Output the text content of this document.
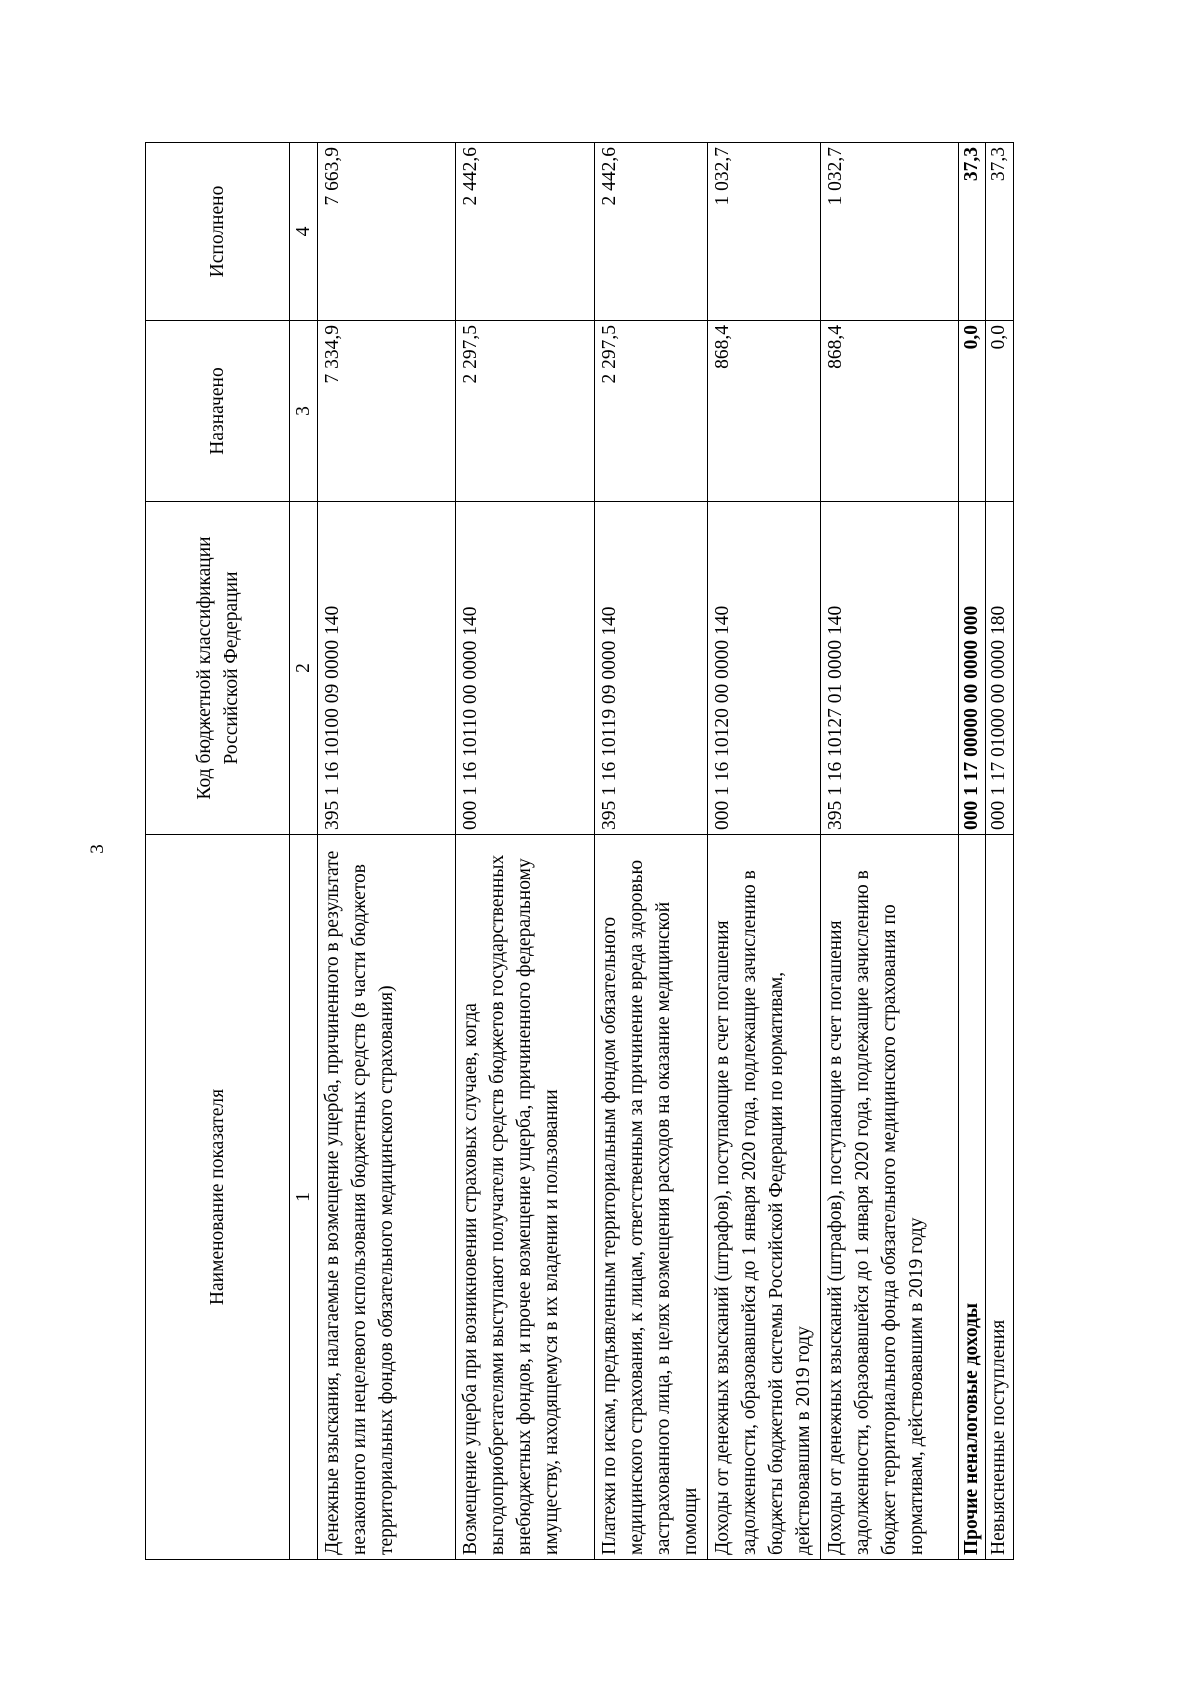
3
Наименование показателя	Код бюджетной классификации Российской Федерации	Назначено	Исполнено
1	2	3	4
Денежные взыскания, налагаемые в возмещение ущерба, причиненного в результате незаконного или нецелевого использования бюджетных средств (в части бюджетов территориальных фондов обязательного медицинского страхования)	395 1 16 10100 09 0000 140	7 334,9	7 663,9
Возмещение ущерба при возникновении страховых случаев, когда выгодоприобретателями выступают получатели средств бюджетов государственных внебюджетных фондов, и прочее возмещение ущерба, причиненного федеральному имуществу, находящемуся в их владении и пользовании	000 1 16 10110 00 0000 140	2 297,5	2 442,6
Платежи по искам, предъявленным территориальным фондом обязательного медицинского страхования, к лицам, ответственным за причинение вреда здоровью застрахованного лица, в целях возмещения расходов на оказание медицинской помощи	395 1 16 10119 09 0000 140	2 297,5	2 442,6
Доходы от денежных взысканий (штрафов), поступающие в счет погашения задолженности, образовавшейся до 1 января 2020 года, подлежащие зачислению в бюджеты бюджетной системы Российской Федерации по нормативам, действовавшим в 2019 году	000 1 16 10120 00 0000 140	868,4	1 032,7
Доходы от денежных взысканий (штрафов), поступающие в счет погашения задолженности, образовавшейся до 1 января 2020 года, подлежащие зачислению в бюджет территориального фонда обязательного медицинского страхования по нормативам, действовавшим в 2019 году	395 1 16 10127 01 0000 140	868,4	1 032,7
Прочие неналоговые доходы	000 1 17 00000 00 0000 000	0,0	37,3
Невыясненные поступления	000 1 17 01000 00 0000 180	0,0	37,3
